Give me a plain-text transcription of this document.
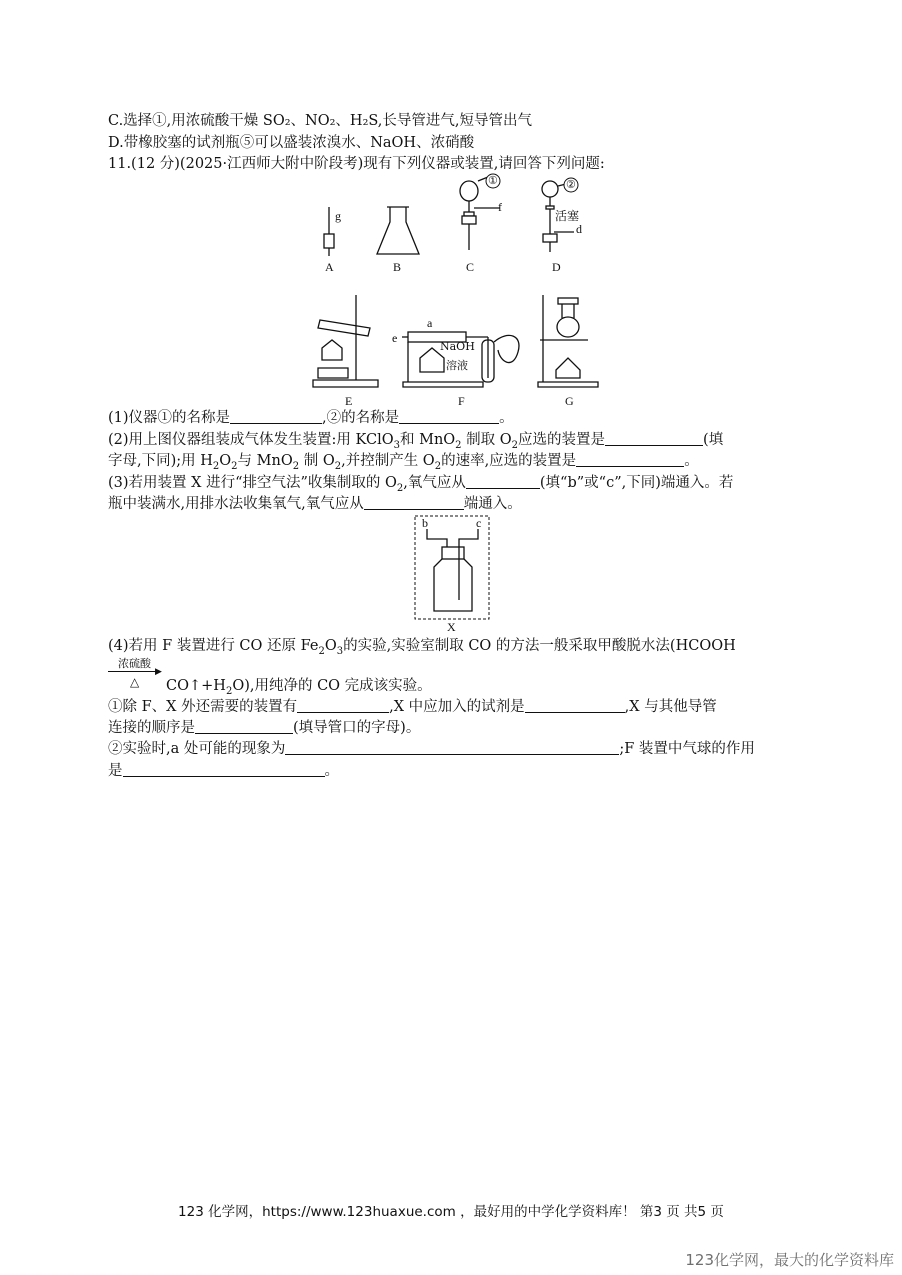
C.选择①,用浓硫酸干燥 SO₂、NO₂、H₂S,长导管进气,短导管出气
D.带橡胶塞的试剂瓶⑤可以盛装浓溴水、NaOH、浓硝酸
11.(12 分)(2025·江西师大附中阶段考)现有下列仪器或装置,请回答下列问题:
g
f
①	②
活塞
d
A	B	C	D
NaOH
溶液
e
a
E	F	G
(1)仪器①的名称是	,②的名称是	。
(2)用上图仪器组装成气体发生装置:用 KClO$_3$和 MnO$_2$ 制取 $O_2$应选的装置是	(填
字母,下同);用 $H_2O_2$与 MnO$_2$ 制 $O_2$,并控制产生 $O_2$的速率,应选的装置是	。
(3)若用装置 X 进行“排空气法”收集制取的 $O_2$,氧气应从	(填“b”或“c”,下同)端通入。若
瓶中装满水,用排水法收集氧气,氧气应从	端通入。
b	c
X
(4)若用 F 装置进行 CO 还原 $Fe_2O_3$的实验,实验室制取 CO 的方法一般采取甲酸脱水法(HCOOH
浓硫酸
▶
△ $CO↑+H_2O$),用纯净的 CO 完成该实验。
①除 F、X 外还需要的装置有	,X 中应加入的试剂是	,X 与其他导管
连接的顺序是	(填导管口的字母)。
②实验时,a 处可能的现象为	;F 装置中气球的作用
是	。
123 化学网，https://www.123huaxue.com ，最好用的中学化学资料库！ 第3 页 共5 页
123化学网，最大的化学资料库
